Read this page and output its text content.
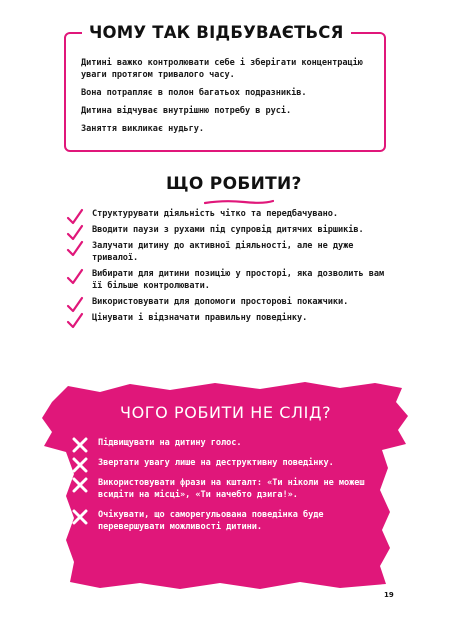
ЧОМУ ТАК ВІДБУВАЄТЬСЯ
Дитині важко контролювати себе і зберігати концентрацію уваги протягом тривалого часу.
Вона потрапляє в полон багатьох подразників.
Дитина відчуває внутрішню потребу в русі.
Заняття викликає нудьгу.
ЩО РОБИТИ?
Структурувати діяльність чітко та передбачувано.
Вводити паузи з рухами під супровід дитячих віршиків.
Залучати дитину до активної діяльності, але не дуже тривалої.
Вибирати для дитини позицію у просторі, яка дозволить вам її більше контролювати.
Використовувати для допомоги просторові покажчики.
Цінувати і відзначати правильну поведінку.
ЧОГО РОБИТИ НЕ СЛІД?
Підвищувати на дитину голос.
Звертати увагу лише на деструктивну поведінку.
Використовувати фрази на кшталт: «Ти ніколи не можеш всидіти на місці», «Ти начебто дзига!».
Очікувати, що саморегульована поведінка буде перевершувати можливості дитини.
19
